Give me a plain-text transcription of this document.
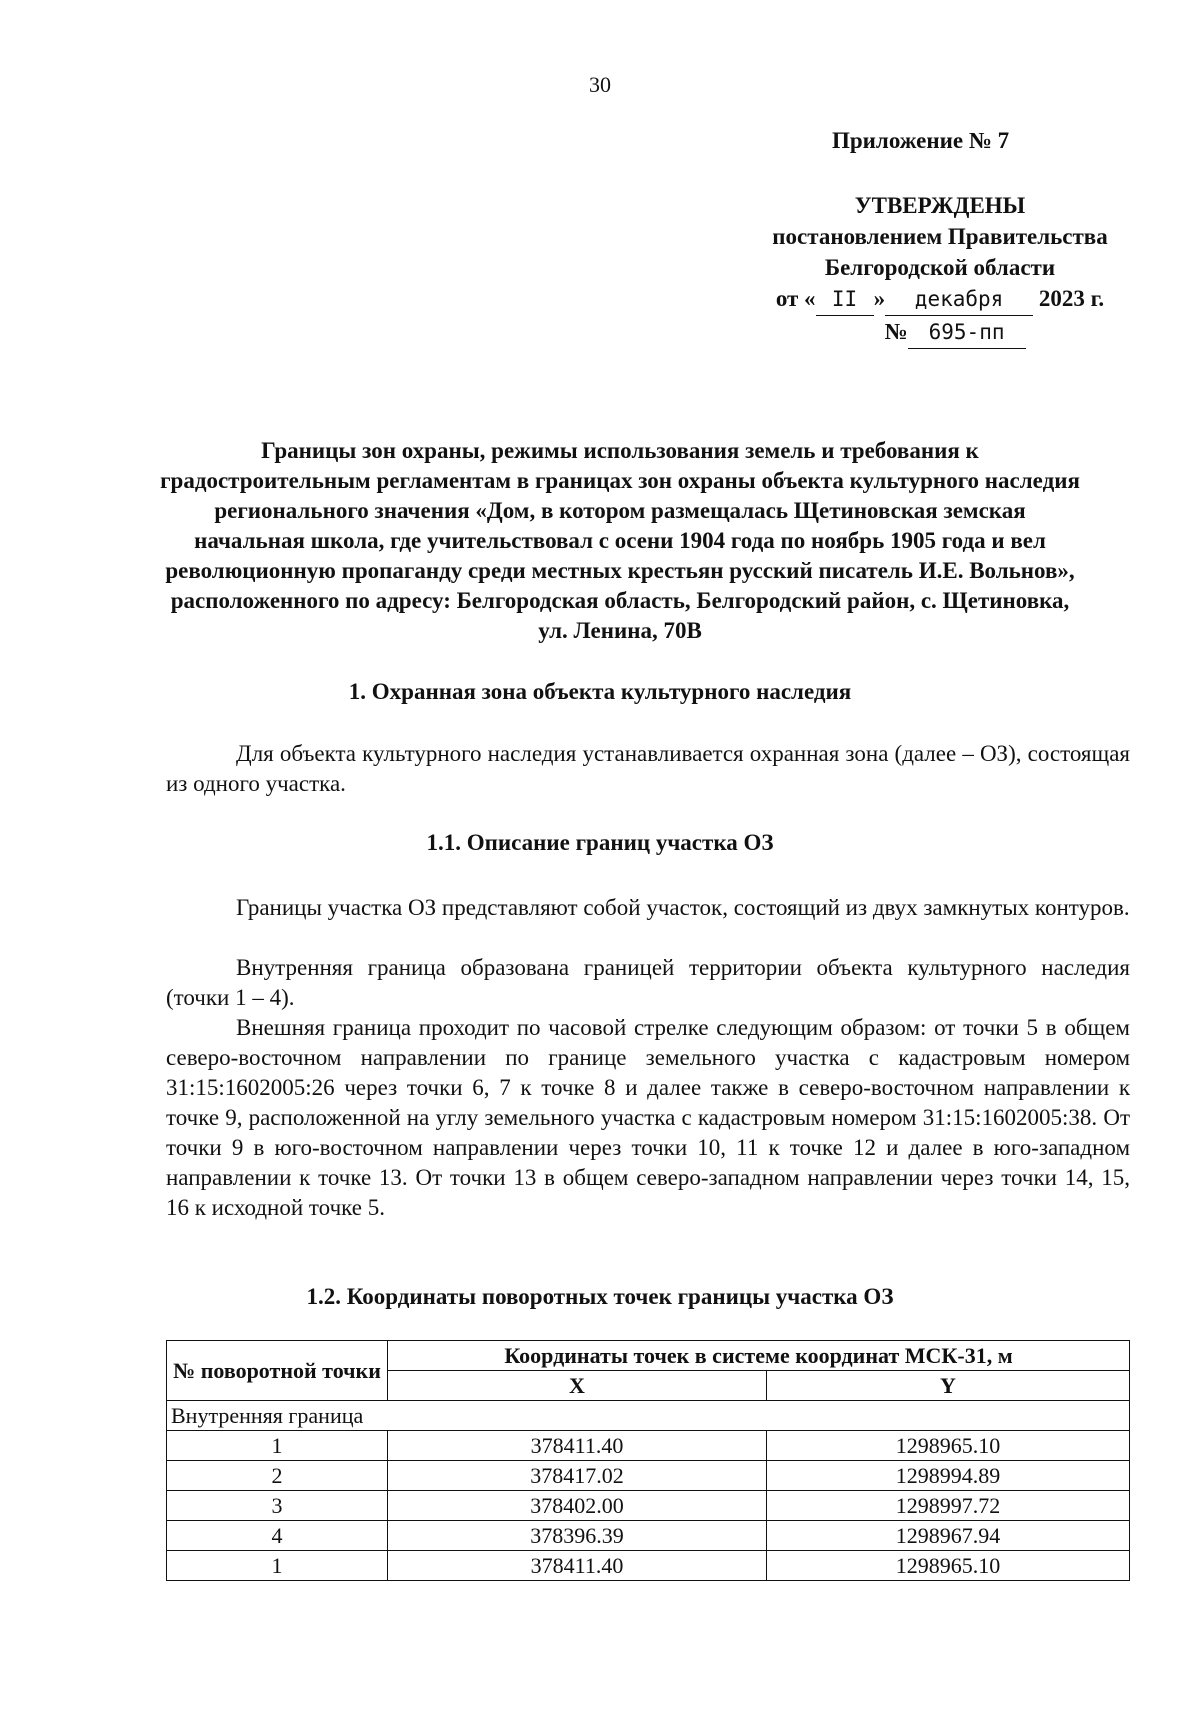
30
Приложение № 7
УТВЕРЖДЕНЫ
постановлением Правительства
Белгородской области
от « II » декабря 2023 г.
№ 695-пп
Границы зон охраны, режимы использования земель и требования к градостроительным регламентам в границах зон охраны объекта культурного наследия регионального значения «Дом, в котором размещалась Щетиновская земская начальная школа, где учительствовал с осени 1904 года по ноябрь 1905 года и вел революционную пропаганду среди местных крестьян русский писатель И.Е. Вольнов», расположенного по адресу: Белгородская область, Белгородский район, с. Щетиновка, ул. Ленина, 70В
1. Охранная зона объекта культурного наследия
Для объекта культурного наследия устанавливается охранная зона (далее – ОЗ), состоящая из одного участка.
1.1. Описание границ участка ОЗ
Границы участка ОЗ представляют собой участок, состоящий из двух замкнутых контуров.
Внутренняя граница образована границей территории объекта культурного наследия (точки 1 – 4).
Внешняя граница проходит по часовой стрелке следующим образом: от точки 5 в общем северо-восточном направлении по границе земельного участка с кадастровым номером 31:15:1602005:26 через точки 6, 7 к точке 8 и далее также в северо-восточном направлении к точке 9, расположенной на углу земельного участка с кадастровым номером 31:15:1602005:38. От точки 9 в юго-восточном направлении через точки 10, 11 к точке 12 и далее в юго-западном направлении к точке 13. От точки 13 в общем северо-западном направлении через точки 14, 15, 16 к исходной точке 5.
1.2. Координаты поворотных точек границы участка ОЗ
№ поворотной точки	Координаты точек в системе координат МСК-31, м	
	X	Y
Внутренняя граница		
1	378411.40	1298965.10
2	378417.02	1298994.89
3	378402.00	1298997.72
4	378396.39	1298967.94
1	378411.40	1298965.10
